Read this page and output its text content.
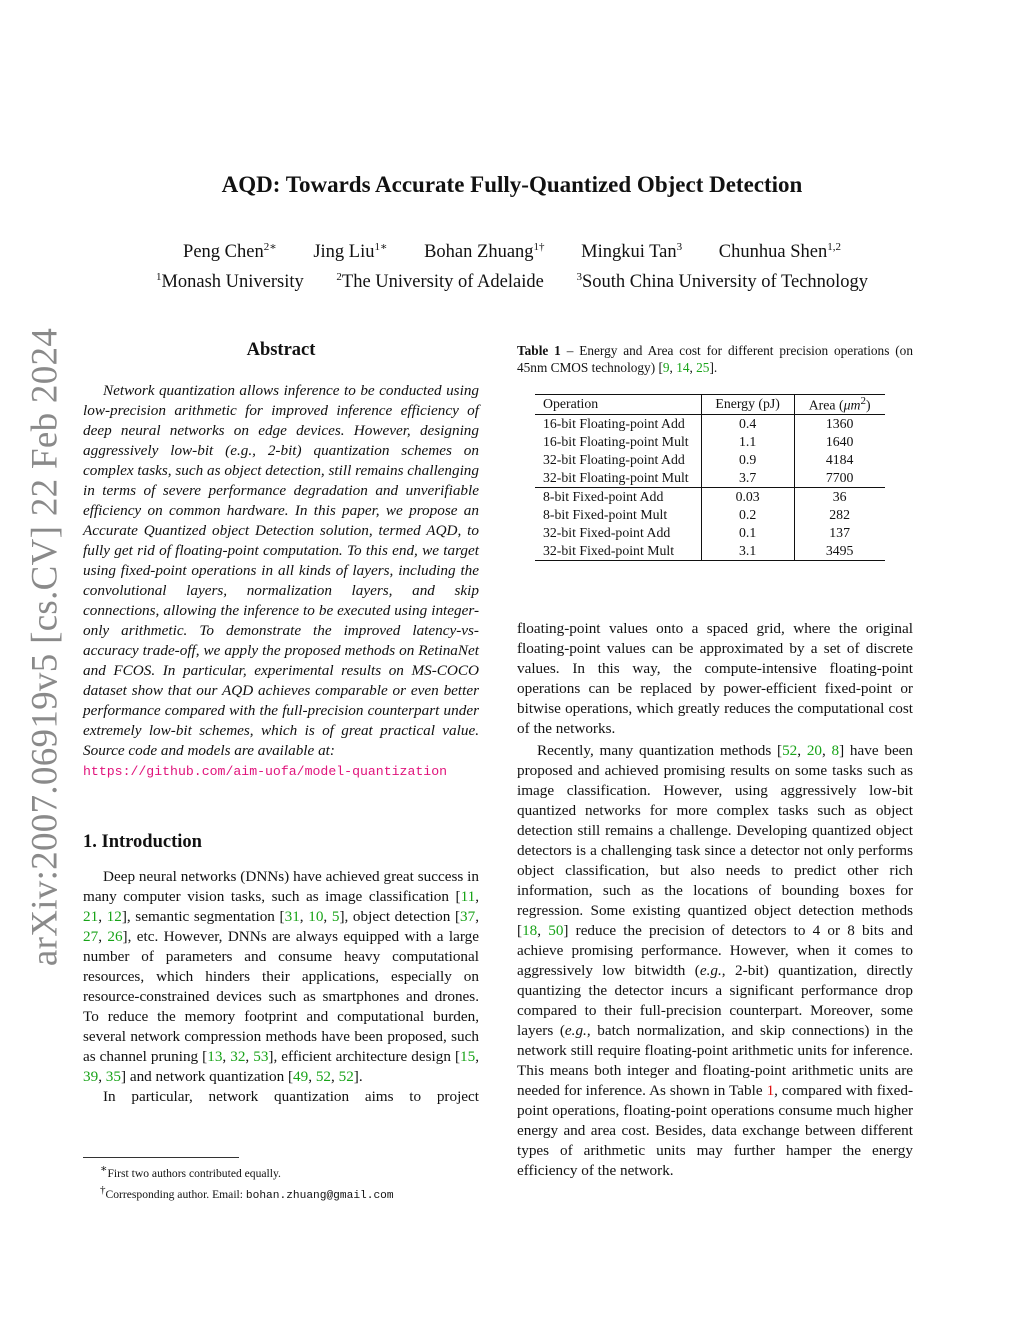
arXiv:2007.06919v5 [cs.CV] 22 Feb 2024
AQD: Towards Accurate Fully-Quantized Object Detection
Peng Chen$^{2∗}$ Jing Liu$^{1∗}$ Bohan Zhuang$^{1\dagger}$ Mingkui Tan$^3$ Chunhua Shen$^{1,2}$
$^1$Monash University	$^2$The University of Adelaide	$^3$South China University of Technology
Abstract

Network quantization allows inference to be conducted using low-precision arithmetic for improved inference efficiency of deep neural networks on edge devices. However, designing aggressively low-bit (e.g., 2-bit) quantization schemes on complex tasks, such as object detection, still remains challenging in terms of severe performance degradation and unverifiable efficiency on common hardware. In this paper, we propose an Accurate Quantized object Detection solution, termed AQD, to fully get rid of floating-point computation. To this end, we target using fixed-point operations in all kinds of layers, including the convolutional layers, normalization layers, and skip connections, allowing the inference to be executed using integer-only arithmetic. To demonstrate the improved latency-vs-accuracy trade-off, we apply the proposed methods on RetinaNet and FCOS. In particular, experimental results on MS-COCO dataset show that our AQD achieves comparable or even better performance compared with the full-precision counterpart under extremely low-bit schemes, which is of great practical value. Source code and models are available at:
https://github.com/aim-uofa/model-quantization

1. Introduction

Deep neural networks (DNNs) have achieved great success in many computer vision tasks, such as image classification [11, 21, 12], semantic segmentation [31, 10, 5], object detection [37, 27, 26], etc. However, DNNs are always equipped with a large number of parameters and consume heavy computational resources, which hinders their applications, especially on resource-constrained devices such as smartphones and drones. To reduce the memory footprint and computational burden, several network compression methods have been proposed, such as channel pruning [13, 32, 53], efficient architecture design [15, 39, 35] and network quantization [49, 52, 52].

In particular, network quantization aims to project

∗First two authors contributed equally.
†Corresponding author. Email: bohan.zhuang@gmail.com
Table 1 – Energy and Area cost for different precision operations (on 45nm CMOS technology) [9, 14, 25].
Operation	Energy (pJ)	Area $(\mu m^2)$
16-bit Floating-point Add	0.4	1360
16-bit Floating-point Mult	1.1	1640
32-bit Floating-point Add	0.9	4184
32-bit Floating-point Mult	3.7	7700
8-bit Fixed-point Add	0.03	36
8-bit Fixed-point Mult	0.2	282
32-bit Fixed-point Add	0.1	137
32-bit Fixed-point Mult	3.1	3495

floating-point values onto a spaced grid, where the original floating-point values can be approximated by a set of discrete values. In this way, the compute-intensive floating-point operations can be replaced by power-efficient fixed-point or bitwise operations, which greatly reduces the computational cost of the networks.

Recently, many quantization methods [52, 20, 8] have been proposed and achieved promising results on some tasks such as image classification. However, using aggressively low-bit quantized networks for more complex tasks such as object detection still remains a challenge. Developing quantized object detectors is a challenging task since a detector not only performs object classification, but also needs to predict other rich information, such as the locations of bounding boxes for regression. Some existing quantized object detection methods [18, 50] reduce the precision of detectors to 4 or 8 bits and achieve promising performance. However, when it comes to aggressively low bitwidth (e.g., 2-bit) quantization, directly quantizing the detector incurs a significant performance drop compared to their full-precision counterpart. Moreover, some layers (e.g., batch normalization, and skip connections) in the network still require floating-point arithmetic units for inference. This means both integer and floating-point arithmetic units are needed for inference. As shown in Table 1, compared with fixed-point operations, floating-point operations consume much higher energy and area cost. Besides, data exchange between different types of arithmetic units may further hamper the energy efficiency of the network.
